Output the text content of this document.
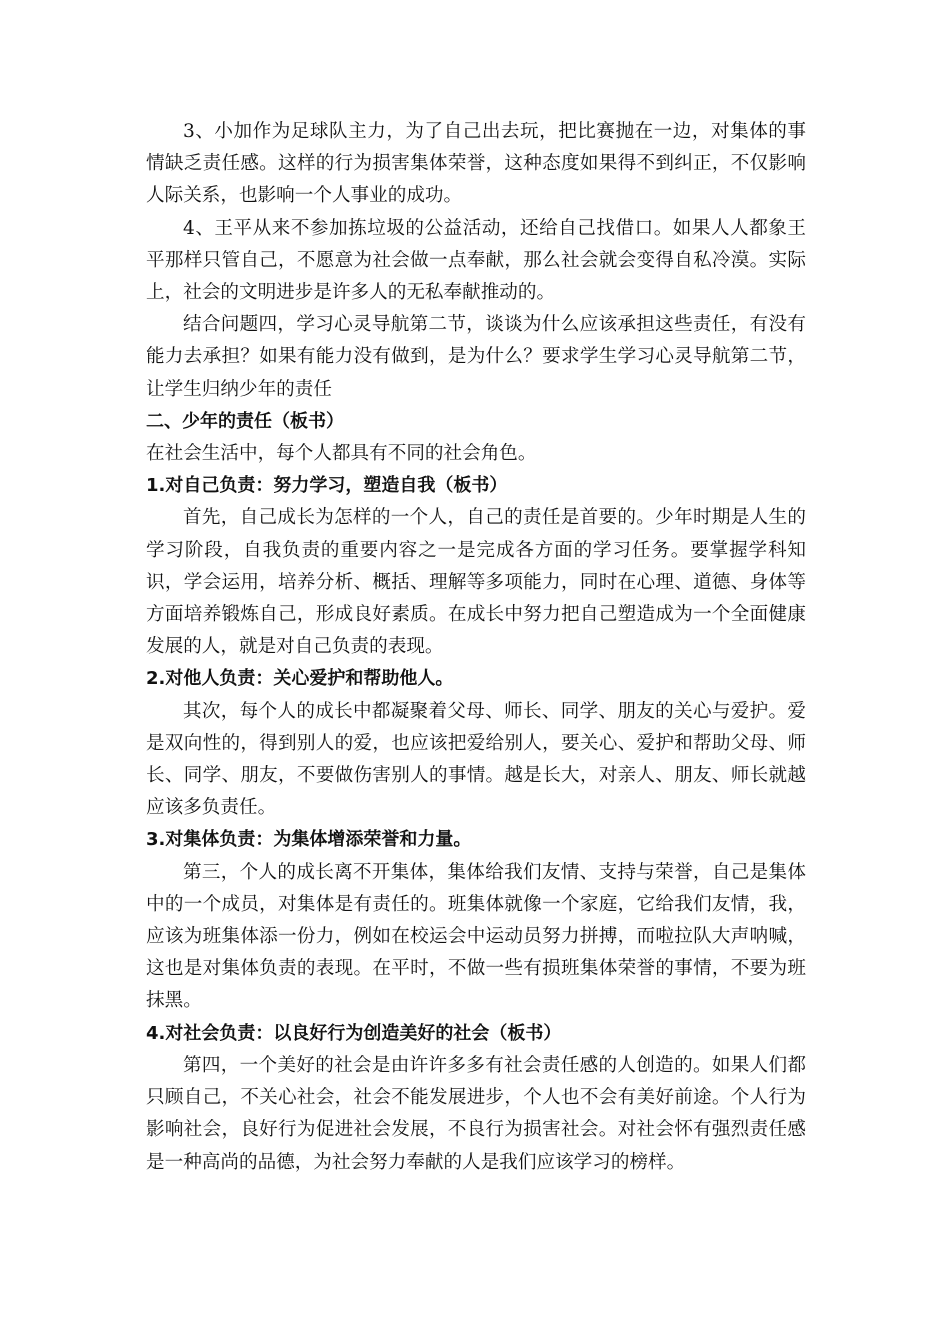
3、小加作为足球队主力，为了自己出去玩，把比赛抛在一边，对集体的事情缺乏责任感。这样的行为损害集体荣誉，这种态度如果得不到纠正，不仅影响人际关系，也影响一个人事业的成功。

4、王平从来不参加拣垃圾的公益活动，还给自己找借口。如果人人都象王平那样只管自己，不愿意为社会做一点奉献，那么社会就会变得自私冷漠。实际上，社会的文明进步是许多人的无私奉献推动的。

结合问题四，学习心灵导航第二节，谈谈为什么应该承担这些责任，有没有能力去承担？如果有能力没有做到，是为什么？要求学生学习心灵导航第二节，让学生归纳少年的责任

二、少年的责任（板书）

在社会生活中，每个人都具有不同的社会角色。

1.对自己负责：努力学习，塑造自我（板书）

首先，自己成长为怎样的一个人，自己的责任是首要的。少年时期是人生的学习阶段，自我负责的重要内容之一是完成各方面的学习任务。要掌握学科知识，学会运用，培养分析、概括、理解等多项能力，同时在心理、道德、身体等方面培养锻炼自己，形成良好素质。在成长中努力把自己塑造成为一个全面健康发展的人，就是对自己负责的表现。

2.对他人负责：关心爱护和帮助他人。

其次，每个人的成长中都凝聚着父母、师长、同学、朋友的关心与爱护。爱是双向性的，得到别人的爱，也应该把爱给别人，要关心、爱护和帮助父母、师长、同学、朋友，不要做伤害别人的事情。越是长大，对亲人、朋友、师长就越应该多负责任。

3.对集体负责：为集体增添荣誉和力量。

第三，个人的成长离不开集体，集体给我们友情、支持与荣誉，自己是集体中的一个成员，对集体是有责任的。班集体就像一个家庭，它给我们友情，我，应该为班集体添一份力，例如在校运会中运动员努力拼搏，而啦拉队大声呐喊，这也是对集体负责的表现。在平时，不做一些有损班集体荣誉的事情，不要为班抹黑。

4.对社会负责：以良好行为创造美好的社会（板书）

第四，一个美好的社会是由许许多多有社会责任感的人创造的。如果人们都只顾自己，不关心社会，社会不能发展进步，个人也不会有美好前途。个人行为影响社会，良好行为促进社会发展，不良行为损害社会。对社会怀有强烈责任感是一种高尚的品德，为社会努力奉献的人是我们应该学习的榜样。
